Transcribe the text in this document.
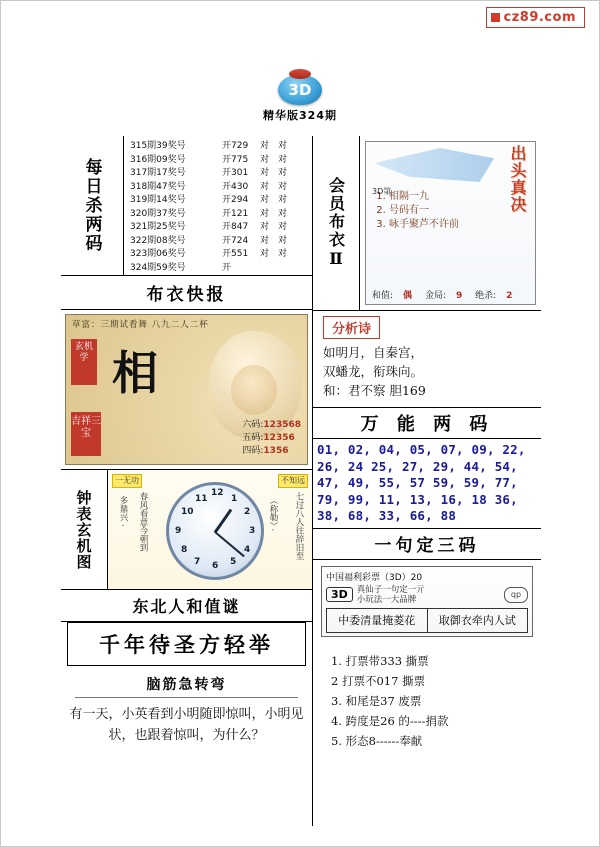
cz89.com
3D
精华版324期
每日杀两码
315期39奖号	开729	对 对
316期09奖号	开775	对 对
317期17奖号	开301	对 对
318期47奖号	开430	对 对
319期14奖号	开294	对 对
320期37奖号	开121	对 对
321期25奖号	开847	对 对
322期08奖号	开724	对 对
323期06奖号	开551	对 对
324期59奖号	开
布衣快报
草富：三期试看舞 八九二人二杯
玄机学
吉祥三宝
相
六码:123568
五码:12356
四码:1356
钟表玄机图
一无功	不知远
多鼎兴· 春风看意今朝到	（称勒）· 七过八人往辞旧至
12
1
2
3
4
5
6
7
8
9
10
11
东北人和值谜
千年待圣方轻举
脑筋急转弯
有一天，小英看到小明随即惊叫，小明见状，也跟着惊叫，为什么？
会员布衣Ⅱ	出头真决
3D第
1. 相隔一九
2. 号码有一
3. 咏手聚芦不许前
和值: 偶 金局: 9 绝杀: 2
分析诗
如明月，自秦宫，
双蟠龙，衔珠向。
和：君不察 胆169
万 能 两 码
01, 02, 04, 05, 07, 09, 22, 26, 24 25, 27, 29, 44, 54, 47, 49, 55, 57 59, 59, 77, 79, 99, 11, 13, 16, 18 36, 38, 68, 33, 66, 88
一句定三码
中国福利彩票（3D）20
3D	真仙子一句定一亓
小玩法一大品牌	qp
中委清量掩菱花	取御衣牵内人试
1. 打票带333 撕票
2 打票不017 撕票
3. 和尾是37 废票
4. 跨度是26 的----捐款
5. 形态8------奉献
